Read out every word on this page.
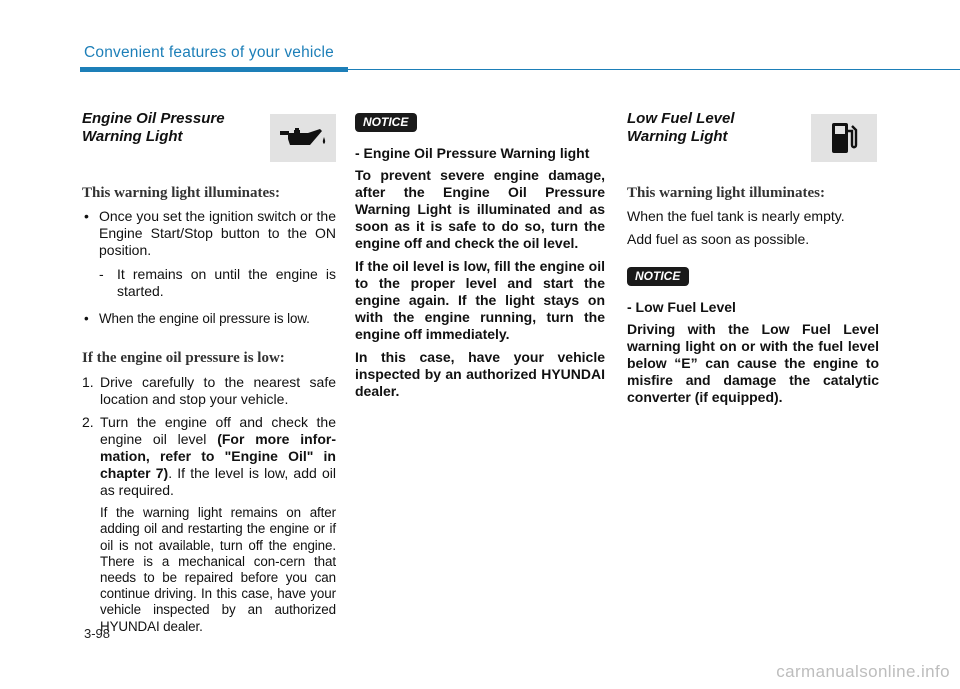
Convenient features of your vehicle
Engine Oil Pressure
Warning Light

This warning light illuminates:

• Once you set the ignition switch or the Engine Start/Stop button to the ON position.

- It remains on until the engine is started.

• When the engine oil pressure is low.

If the engine oil pressure is low:

1. Drive carefully to the nearest safe location and stop your vehicle.

2. Turn the engine off and check the engine oil level (For more infor-mation, refer to "Engine Oil" in chapter 7). If the level is low, add oil as required.

If the warning light remains on after adding oil and restarting the engine or if oil is not available, turn off the engine. There is a mechanical con-cern that needs to be repaired before you can continue driving. In this case, have your vehicle inspected by an authorized HYUNDAI dealer.

NOTICE

- Engine Oil Pressure Warning light

To prevent severe engine damage, after the Engine Oil Pressure Warning Light is illuminated and as soon as it is safe to do so, turn the engine off and check the oil level.

If the oil level is low, fill the engine oil to the proper level and start the engine again. If the light stays on with the engine running, turn the engine off immediately.

In this case, have your vehicle inspected by an authorized HYUNDAI dealer.

Low Fuel Level
Warning Light

This warning light illuminates:

When the fuel tank is nearly empty.

Add fuel as soon as possible.

NOTICE

- Low Fuel Level

Driving with the Low Fuel Level warning light on or with the fuel level below “E” can cause the engine to misfire and damage the catalytic converter (if equipped).

3-98
carmanualsonline.info
